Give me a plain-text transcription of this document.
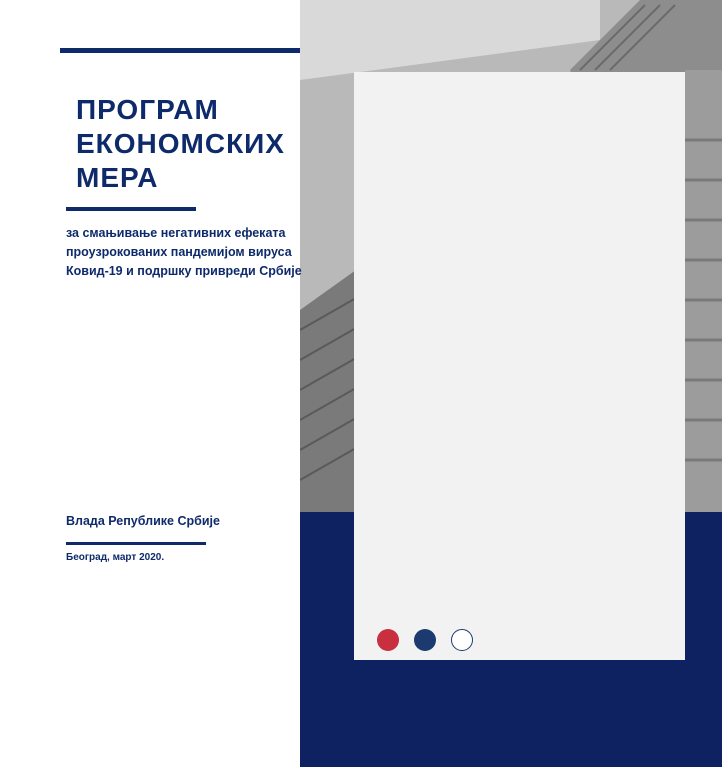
ПРОГРАМ
ЕКОНОМСКИХ
МЕРА

за смањивање негативних ефеката
проузрокованих пандемијом вируса
Ковид-19 и подршку привреди Србије

Влада Републике Србије

Београд, март 2020.
